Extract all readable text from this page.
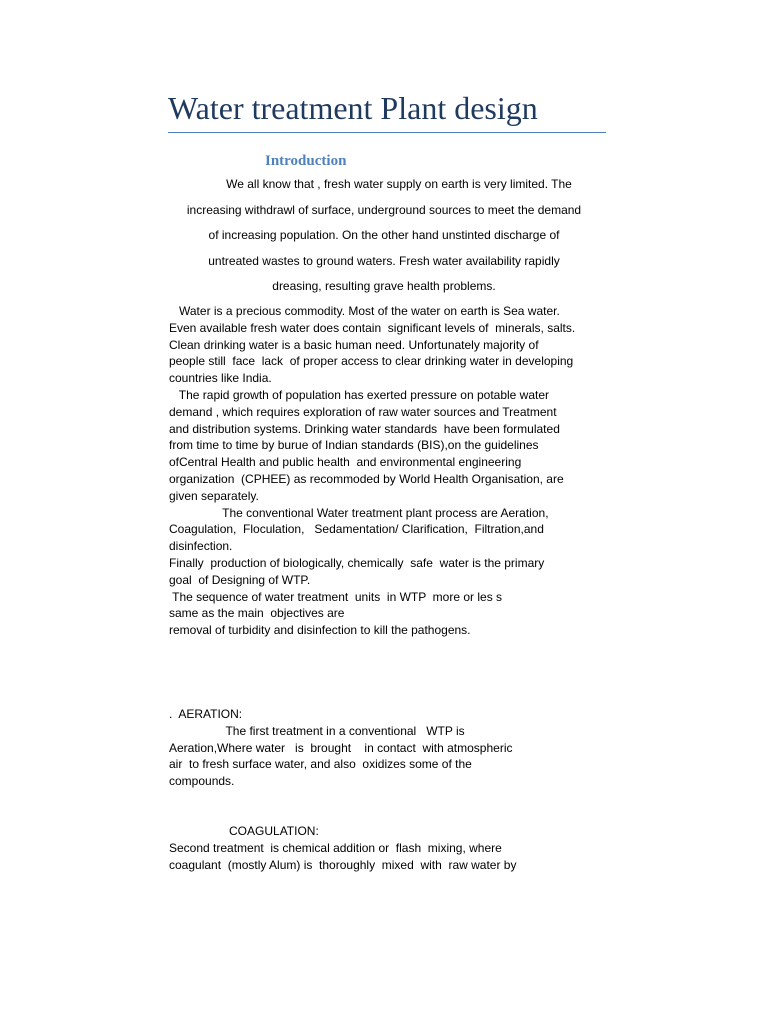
Water treatment Plant design
Introduction
We all know that , fresh water supply on earth is very limited. The
increasing withdrawl of surface, underground sources to meet the demand
of increasing population. On the other hand unstinted discharge of
untreated wastes to ground waters. Fresh water availability rapidly
dreasing, resulting grave health problems.
Water is a precious commodity. Most of the water on earth is Sea water.
Even available fresh water does contain  significant levels of  minerals, salts.
Clean drinking water is a basic human need. Unfortunately majority of
people still  face  lack  of proper access to clear drinking water in developing
countries like India.
The rapid growth of population has exerted pressure on potable water
demand , which requires exploration of raw water sources and Treatment
and distribution systems. Drinking water standards  have been formulated
from time to time by burue of Indian standards (BIS),on the guidelines
ofCentral Health and public health  and environmental engineering
organization  (CPHEE) as recommoded by World Health Organisation, are
given separately.
The conventional Water treatment plant process are Aeration,
Coagulation,  Floculation,   Sedamentation/ Clarification,  Filtration,and
disinfection.
Finally  production of biologically, chemically  safe  water is the primary
goal  of Designing of WTP.
The sequence of water treatment  units  in WTP  more or les s
same as the main  objectives are
removal of turbidity and disinfection to kill the pathogens.
.  AERATION:
The first treatment in a conventional   WTP is
Aeration,Where water   is  brought    in contact  with atmospheric
air  to fresh surface water, and also  oxidizes some of the
compounds.
COAGULATION:
Second treatment  is chemical addition or  flash  mixing, where
coagulant  (mostly Alum) is  thoroughly  mixed  with  raw water by
